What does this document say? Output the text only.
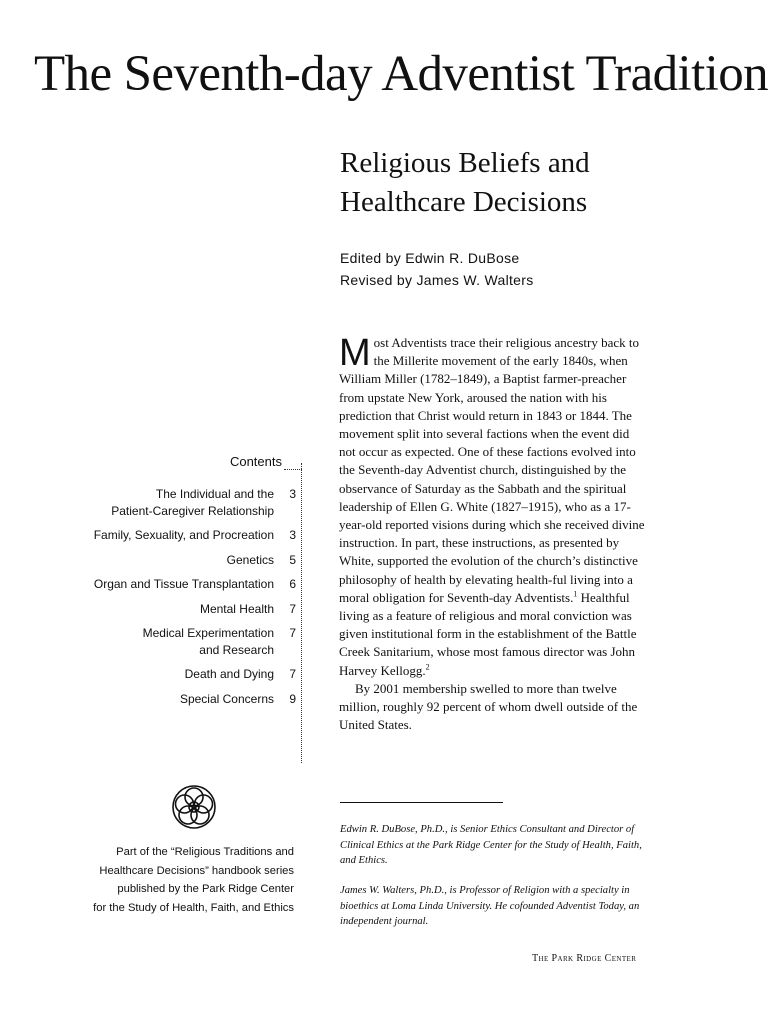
The Seventh-day Adventist Tradition
Religious Beliefs and
Healthcare Decisions
Edited by Edwin R. DuBose
Revised by James W. Walters
Contents
The Individual and the
Patient-Caregiver Relationship
3
Family, Sexuality, and Procreation 3
Genetics 5
Organ and Tissue Transplantation 6
Mental Health 7
Medical Experimentation
and Research
7
Death and Dying 7
Special Concerns 9

Most Adventists trace their religious ancestry back to the Millerite movement of the early 1840s, when William Miller (1782–1849), a Baptist farmer-preacher from upstate New York, aroused the nation with his prediction that Christ would return in 1843 or 1844. The movement split into several factions when the event did not occur as expected. One of these factions evolved into the Seventh-day Adventist church, distinguished by the observance of Saturday as the Sabbath and the spiritual leadership of Ellen G. White (1827–1915), who as a 17-year-old reported visions during which she received divine instruction. In part, these instructions, as presented by White, supported the evolution of the church’s distinctive philosophy of health by elevating health-ful living into a moral obligation for Seventh-day Adventists.$^1$ Healthful living as a feature of religious and moral conviction was given institutional form in the establishment of the Battle Creek Sanitarium, whose most famous director was John Harvey Kellogg.$^2$

By 2001 membership swelled to more than twelve million, roughly 92 percent of whom dwell outside of the United States.

Edwin R. DuBose, Ph.D., is Senior Ethics Consultant and Director of Clinical Ethics at the Park Ridge Center for the Study of Health, Faith, and Ethics.

James W. Walters, Ph.D., is Professor of Religion with a specialty in bioethics at Loma Linda University. He cofounded Adventist Today, an independent journal.

Part of the “Religious Traditions and
Healthcare Decisions” handbook series
published by the Park Ridge Center
for the Study of Health, Faith, and Ethics

The Park Ridge Center
